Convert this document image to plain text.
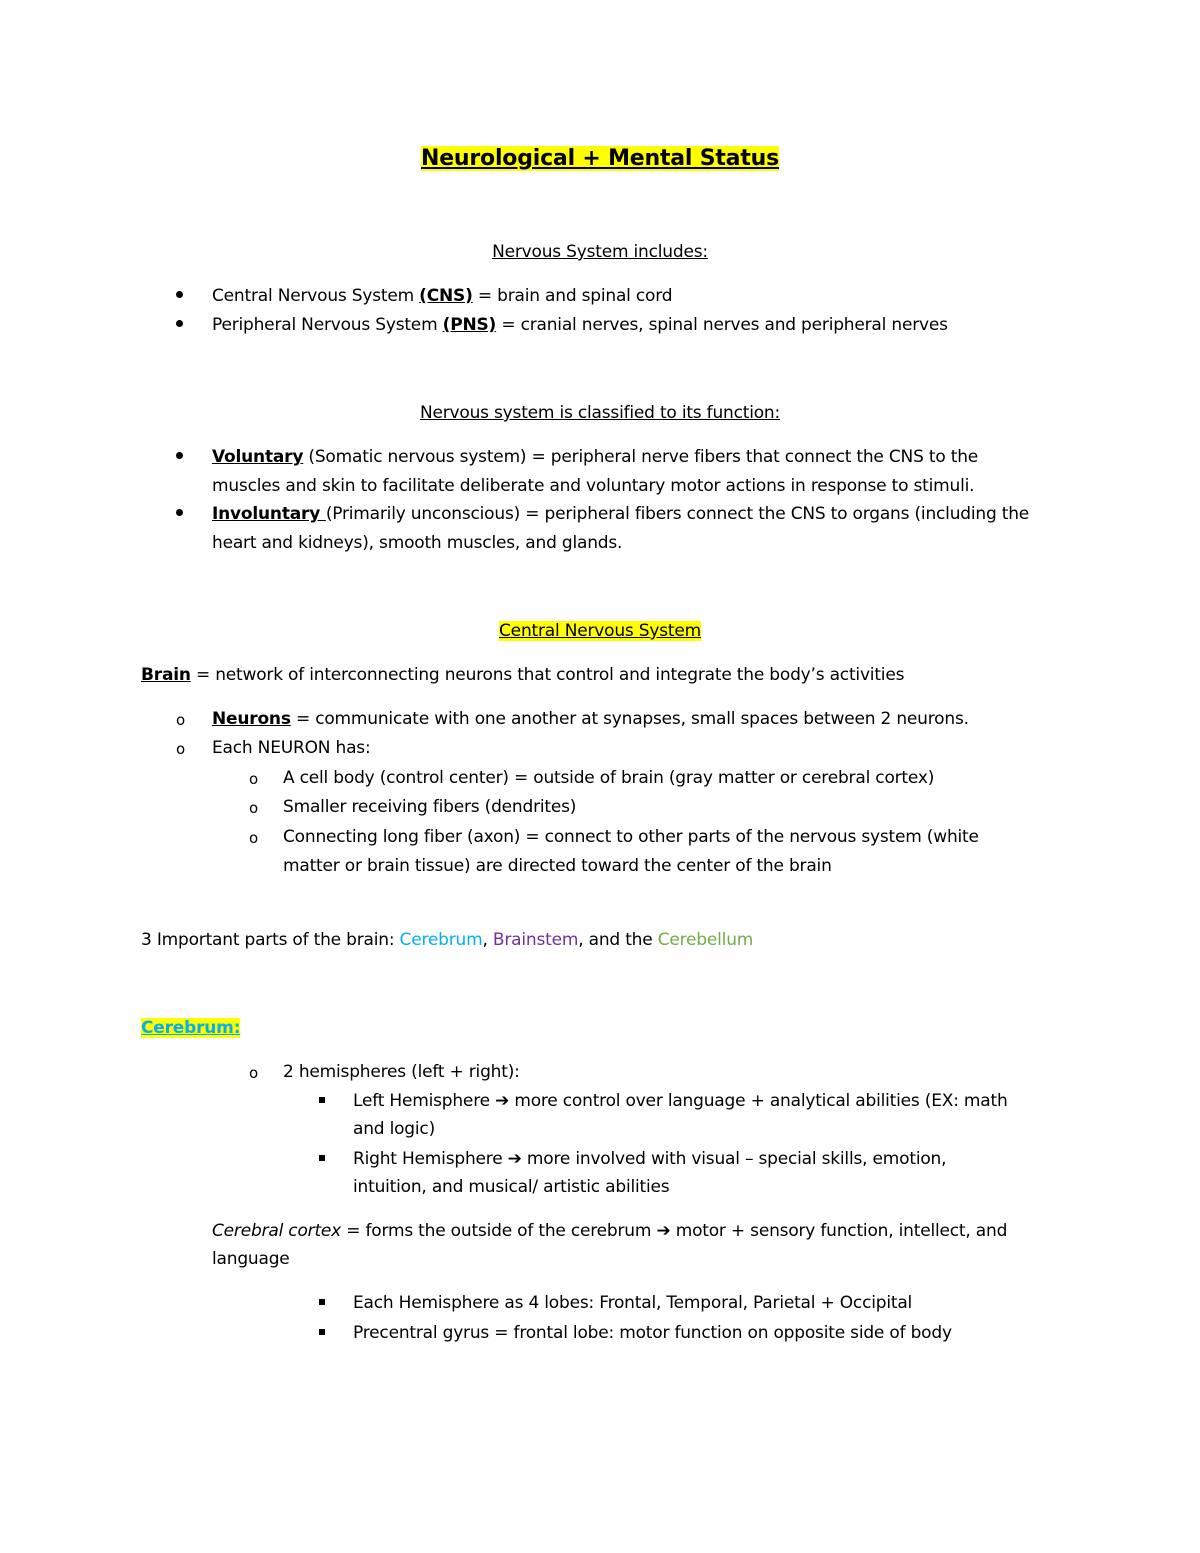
Neurological + Mental Status
Nervous System includes:
Central Nervous System (CNS) = brain and spinal cord
Peripheral Nervous System (PNS) = cranial nerves, spinal nerves and peripheral nerves
Nervous system is classified to its function:
Voluntary (Somatic nervous system) = peripheral nerve fibers that connect the CNS to the
muscles and skin to facilitate deliberate and voluntary motor actions in response to stimuli.
Involuntary (Primarily unconscious) = peripheral fibers connect the CNS to organs (including the
heart and kidneys), smooth muscles, and glands.
Central Nervous System
Brain = network of interconnecting neurons that control and integrate the body’s activities
o Neurons = communicate with one another at synapses, small spaces between 2 neurons.
o Each NEURON has:
o A cell body (control center) = outside of brain (gray matter or cerebral cortex)
o Smaller receiving fibers (dendrites)
o Connecting long fiber (axon) = connect to other parts of the nervous system (white
matter or brain tissue) are directed toward the center of the brain
3 Important parts of the brain: Cerebrum, Brainstem, and the Cerebellum
Cerebrum:
o 2 hemispheres (left + right):
Left Hemisphere ➔ more control over language + analytical abilities (EX: math
and logic)
Right Hemisphere ➔ more involved with visual – special skills, emotion,
intuition, and musical/ artistic abilities
Cerebral cortex = forms the outside of the cerebrum ➔ motor + sensory function, intellect, and
language
Each Hemisphere as 4 lobes: Frontal, Temporal, Parietal + Occipital
Precentral gyrus = frontal lobe: motor function on opposite side of body
